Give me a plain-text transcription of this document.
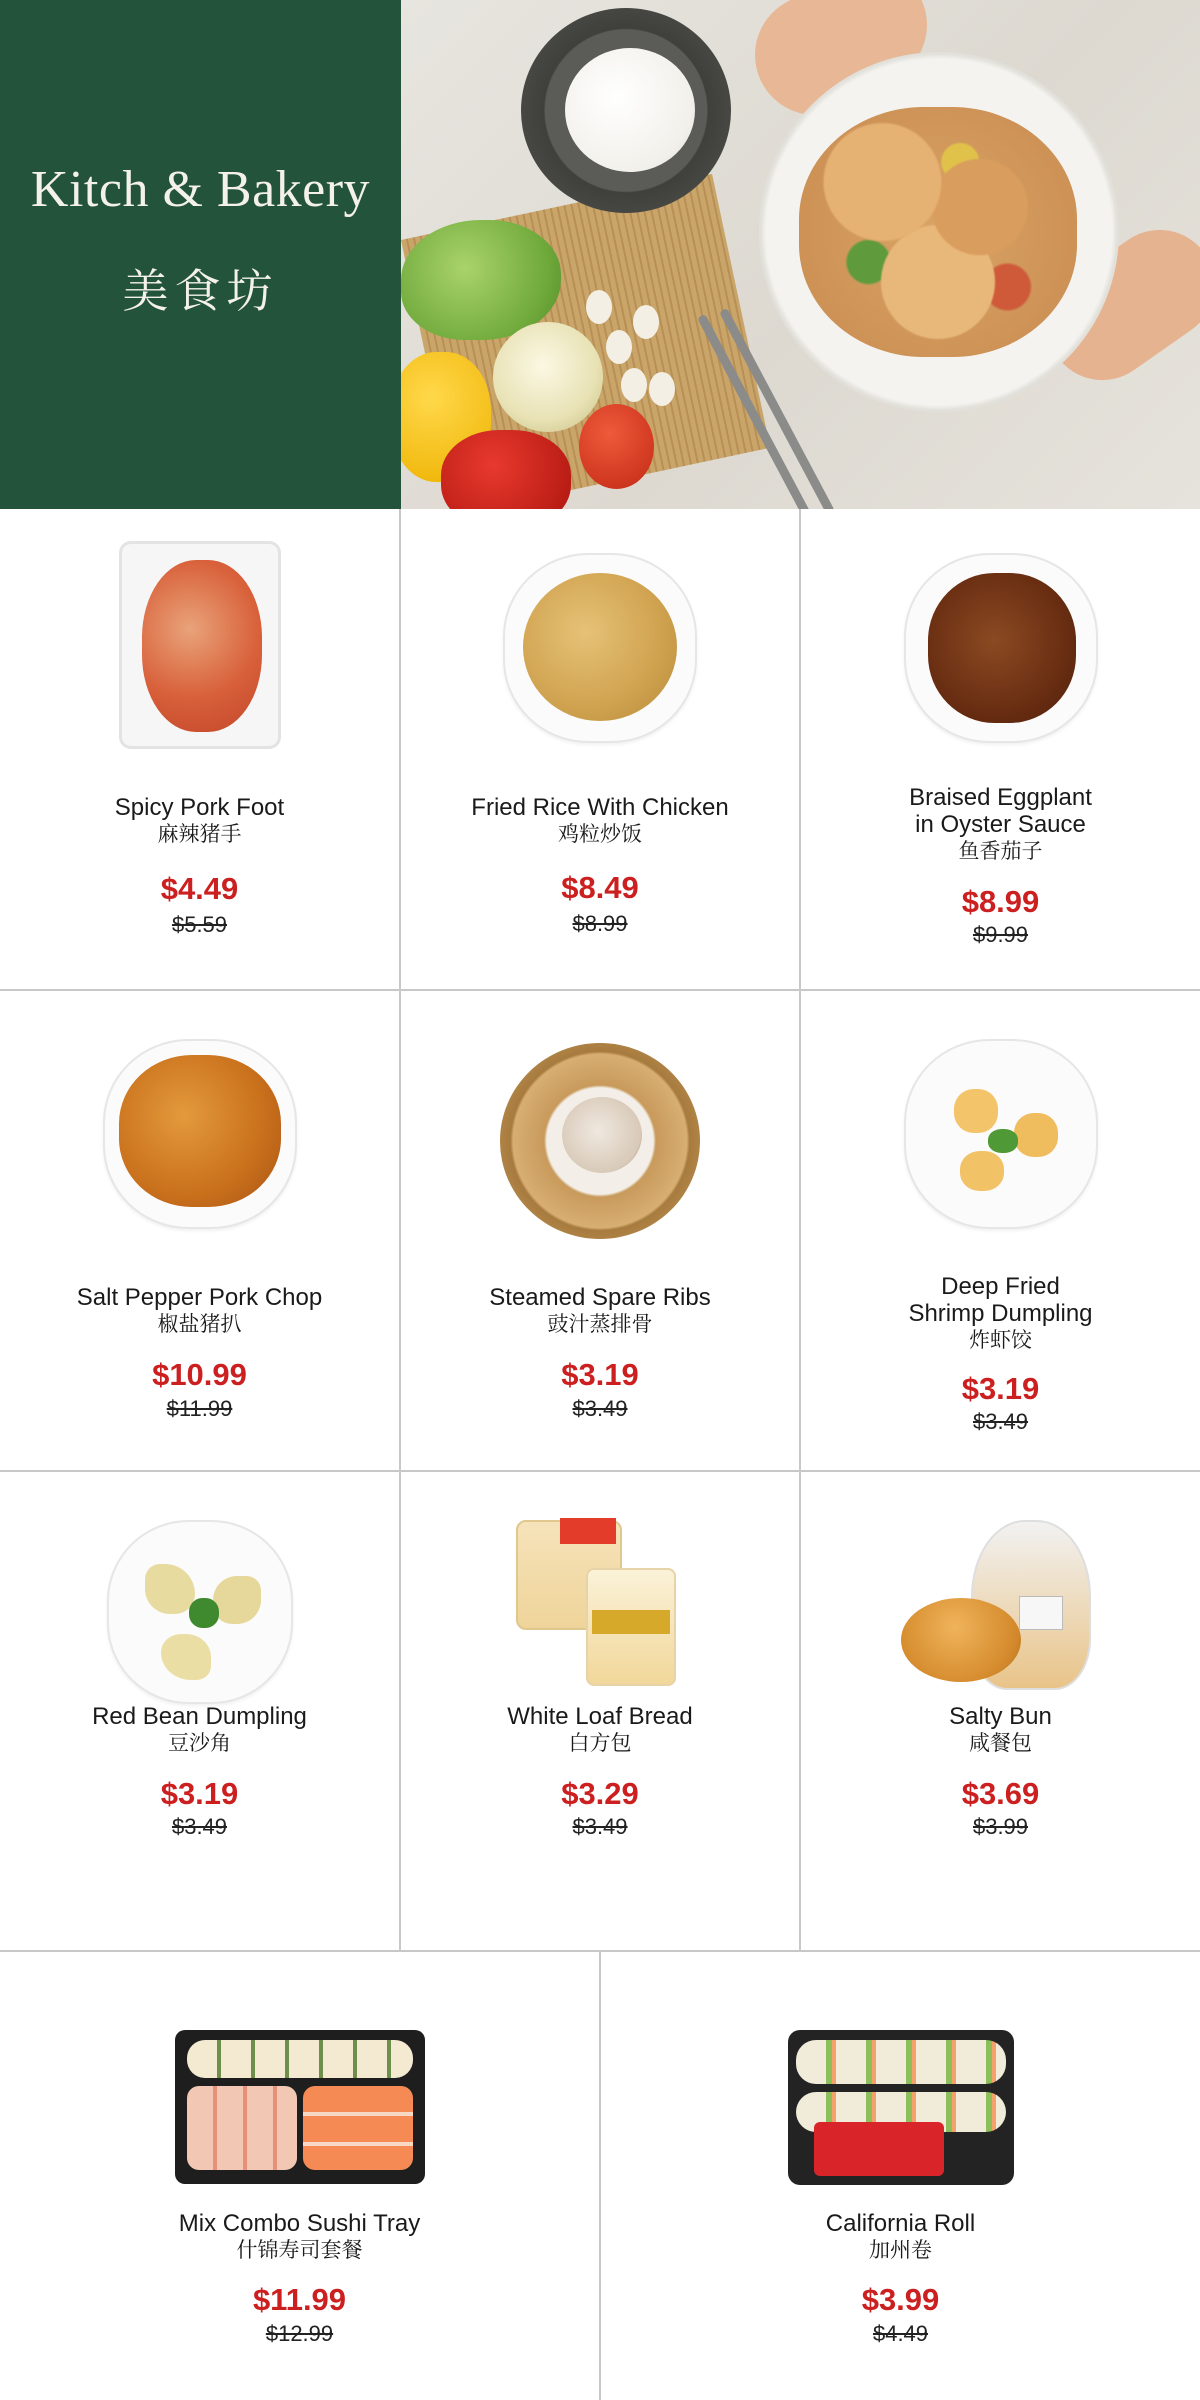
Kitch & Bakery
美食坊
Spicy Pork Foot
麻辣猪手
$4.49
$5.59
Fried Rice With Chicken
鸡粒炒饭
$8.49
$8.99
Braised Eggplant
in Oyster Sauce
鱼香茄子
$8.99
$9.99
Salt Pepper Pork Chop
椒盐猪扒
$10.99
$11.99
Steamed Spare Ribs
豉汁蒸排骨
$3.19
$3.49
Deep Fried
Shrimp Dumpling
炸虾饺
$3.19
$3.49
Red Bean Dumpling
豆沙角
$3.19
$3.49
White Loaf Bread
白方包
$3.29
$3.49
Salty Bun
咸餐包
$3.69
$3.99
Mix Combo Sushi Tray
什锦寿司套餐
$11.99
$12.99
California Roll
加州卷
$3.99
$4.49
